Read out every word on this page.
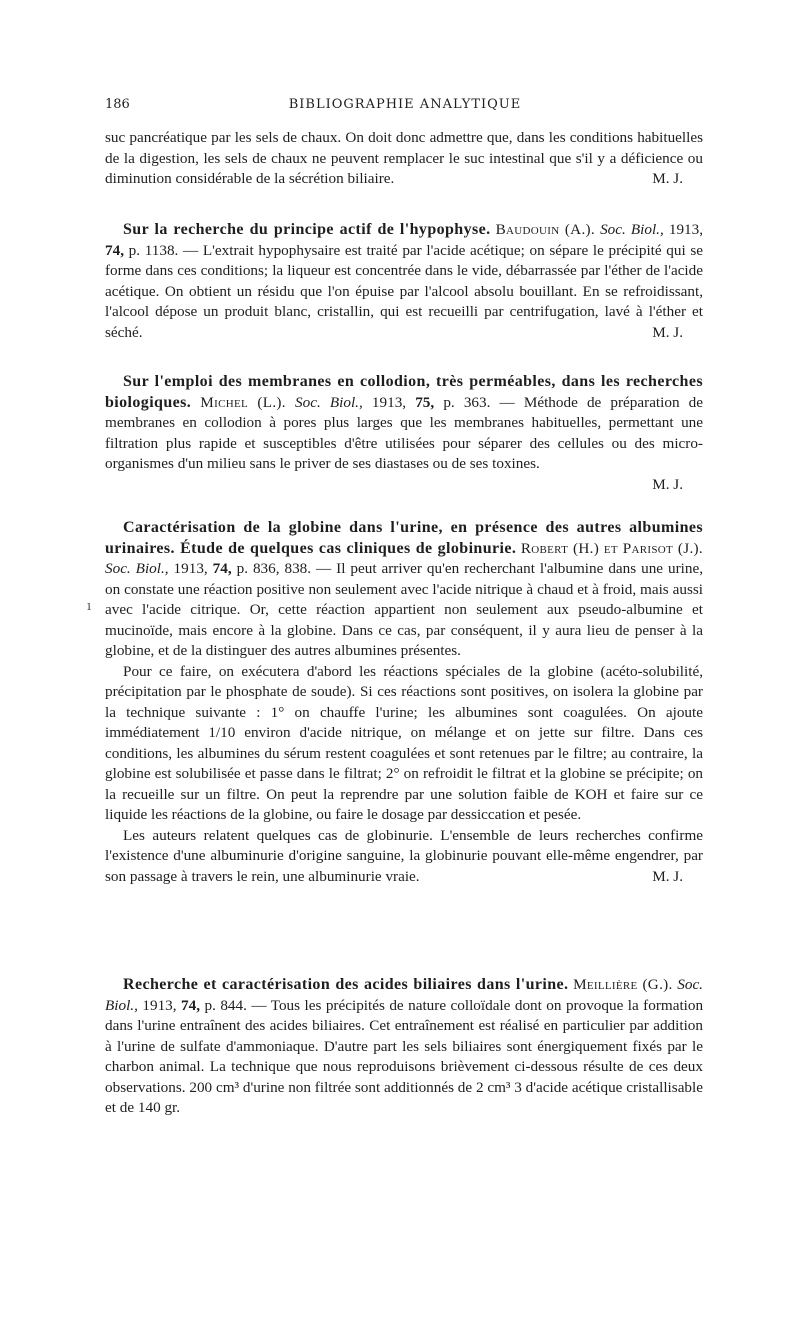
186	BIBLIOGRAPHIE ANALYTIQUE
ı

suc pancréatique par les sels de chaux. On doit donc admettre que, dans les conditions habituelles de la digestion, les sels de chaux ne peuvent remplacer le suc intestinal que s'il y a déficience ou diminution considérable de la sécrétion biliaire.	M. J.

Sur la recherche du principe actif de l'hypophyse. Baudouin (A.). Soc. Biol., 1913, 74, p. 1138. — L'extrait hypophysaire est traité par l'acide acétique; on sépare le précipité qui se forme dans ces conditions; la liqueur est concentrée dans le vide, débarrassée par l'éther de l'acide acétique. On obtient un résidu que l'on épuise par l'alcool absolu bouillant. En se refroidissant, l'alcool dépose un produit blanc, cristallin, qui est recueilli par centrifugation, lavé à l'éther et séché.	M. J.

Sur l'emploi des membranes en collodion, très perméables, dans les recherches biologiques. Michel (L.). Soc. Biol., 1913, 75, p. 363. — Méthode de préparation de membranes en collodion à pores plus larges que les membranes habituelles, permettant une filtration plus rapide et susceptibles d'être utilisées pour séparer des cellules ou des micro-organismes d'un milieu sans le priver de ses diastases ou de ses toxines.

M. J.

Caractérisation de la globine dans l'urine, en présence des autres albumines urinaires. Étude de quelques cas cliniques de globinurie. Robert (H.) et Parisot (J.). Soc. Biol., 1913, 74, p. 836, 838. — Il peut arriver qu'en recherchant l'albumine dans une urine, on constate une réaction positive non seulement avec l'acide nitrique à chaud et à froid, mais aussi avec l'acide citrique. Or, cette réaction appartient non seulement aux pseudo-albumine et mucinoïde, mais encore à la globine. Dans ce cas, par conséquent, il y aura lieu de penser à la globine, et de la distinguer des autres albumines présentes.

Pour ce faire, on exécutera d'abord les réactions spéciales de la globine (acéto-solubilité, précipitation par le phosphate de soude). Si ces réactions sont positives, on isolera la globine par la technique suivante : 1° on chauffe l'urine; les albumines sont coagulées. On ajoute immédiatement 1/10 environ d'acide nitrique, on mélange et on jette sur filtre. Dans ces conditions, les albumines du sérum restent coagulées et sont retenues par le filtre; au contraire, la globine est solubilisée et passe dans le filtrat; 2° on refroidit le filtrat et la globine se précipite; on la recueille sur un filtre. On peut la reprendre par une solution faible de KOH et faire sur ce liquide les réactions de la globine, ou faire le dosage par dessiccation et pesée.

Les auteurs relatent quelques cas de globinurie. L'ensemble de leurs recherches confirme l'existence d'une albuminurie d'origine sanguine, la globinurie pouvant elle-même engendrer, par son passage à travers le rein, une albuminurie vraie.	M. J.

Recherche et caractérisation des acides biliaires dans l'urine. Meillière (G.). Soc. Biol., 1913, 74, p. 844. — Tous les précipités de nature colloïdale dont on provoque la formation dans l'urine entraînent des acides biliaires. Cet entraînement est réalisé en particulier par addition à l'urine de sulfate d'ammoniaque. D'autre part les sels biliaires sont énergiquement fixés par le charbon animal. La technique que nous reproduisons brièvement ci-dessous résulte de ces deux observations. 200 cm³ d'urine non filtrée sont additionnés de 2 cm³ 3 d'acide acétique cristallisable et de 140 gr.
